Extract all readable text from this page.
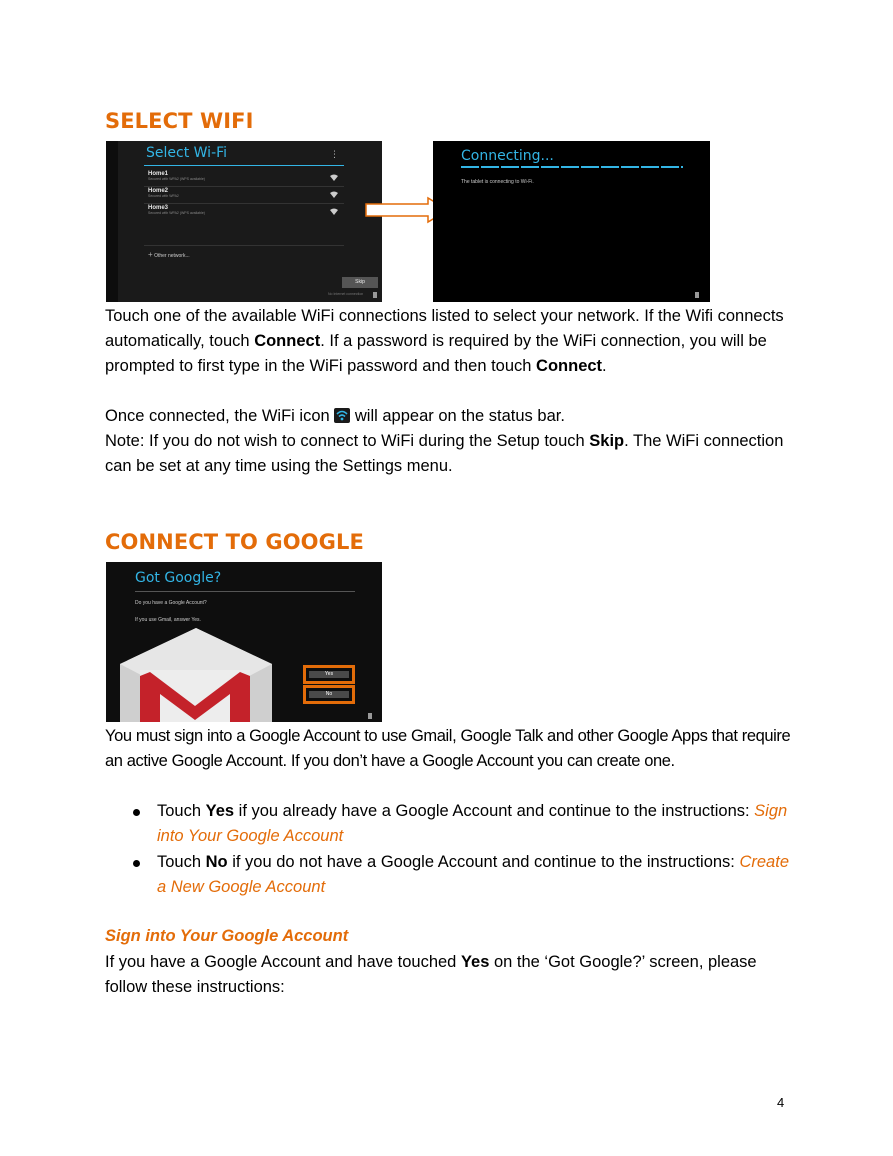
SELECT WIFI
Select Wi-Fi	⋮
Home1
Secured with WPA2 (WPS available)
Home2
Secured with WPA2
Home3
Secured with WPA2 (WPS available)
+ Other network...
Skip
No Internet connection
Connecting...
The tablet is connecting to Wi-Fi.
Touch one of the available WiFi connections listed to select your network. If the Wifi connects automatically, touch Connect. If a password is required by the WiFi connection, you will be prompted to first type in the WiFi password and then touch Connect.
Once connected, the WiFi icon
will appear on the status bar.
Note: If you do not wish to connect to WiFi during the Setup touch Skip. The WiFi connection can be set at any time using the Settings menu.
CONNECT TO GOOGLE
Got Google?
Do you have a Google Account?
If you use Gmail, answer Yes.
Yes
No
You must sign into a Google Account to use Gmail, Google Talk and other Google Apps that require an active Google Account. If you don’t have a Google Account you can create one.
Touch Yes if you already have a Google Account and continue to the instructions: Sign into Your Google Account
Touch No if you do not have a Google Account and continue to the instructions: Create a New Google Account
Sign into Your Google Account
If you have a Google Account and have touched Yes on the ‘Got Google?’ screen, please follow these instructions:
4
